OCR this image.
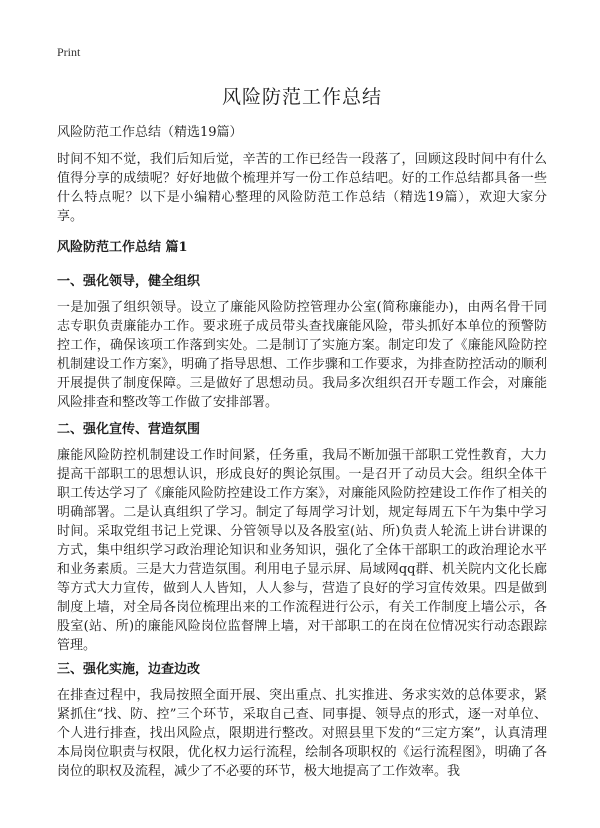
Print
风险防范工作总结
风险防范工作总结（精选19篇）
时间不知不觉，我们后知后觉，辛苦的工作已经告一段落了，回顾这段时间中有什么值得分享的成绩呢？好好地做个梳理并写一份工作总结吧。好的工作总结都具备一些什么特点呢？以下是小编精心整理的风险防范工作总结（精选19篇），欢迎大家分享。
风险防范工作总结 篇1
一、强化领导，健全组织
一是加强了组织领导。设立了廉能风险防控管理办公室(简称廉能办)，由两名骨干同志专职负责廉能办工作。要求班子成员带头查找廉能风险，带头抓好本单位的预警防控工作，确保该项工作落到实处。二是制订了实施方案。制定印发了《廉能风险防控机制建设工作方案》，明确了指导思想、工作步骤和工作要求，为排查防控活动的顺利开展提供了制度保障。三是做好了思想动员。我局多次组织召开专题工作会，对廉能风险排查和整改等工作做了安排部署。
二、强化宣传、营造氛围
廉能风险防控机制建设工作时间紧，任务重，我局不断加强干部职工党性教育，大力提高干部职工的思想认识，形成良好的舆论氛围。一是召开了动员大会。组织全体干职工传达学习了《廉能风险防控建设工作方案》，对廉能风险防控建设工作作了相关的明确部署。二是认真组织了学习。制定了每周学习计划，规定每周五下午为集中学习时间。采取党组书记上党课、分管领导以及各股室(站、所)负责人轮流上讲台讲课的方式，集中组织学习政治理论知识和业务知识，强化了全体干部职工的政治理论水平和业务素质。三是大力营造氛围。利用电子显示屏、局域网qq群、机关院内文化长廊等方式大力宣传，做到人人皆知，人人参与，营造了良好的学习宣传效果。四是做到制度上墙，对全局各岗位梳理出来的工作流程进行公示，有关工作制度上墙公示，各股室(站、所)的廉能风险岗位监督牌上墙，对干部职工的在岗在位情况实行动态跟踪管理。
三、强化实施，边查边改
在排查过程中，我局按照全面开展、突出重点、扎实推进、务求实效的总体要求，紧紧抓住“找、防、控”三个环节，采取自己查、同事提、领导点的形式，逐一对单位、个人进行排查，找出风险点，限期进行整改。对照县里下发的“三定方案”，认真清理本局岗位职责与权限，优化权力运行流程，绘制各项职权的《运行流程图》，明确了各岗位的职权及流程，减少了不必要的环节，极大地提高了工作效率。我
